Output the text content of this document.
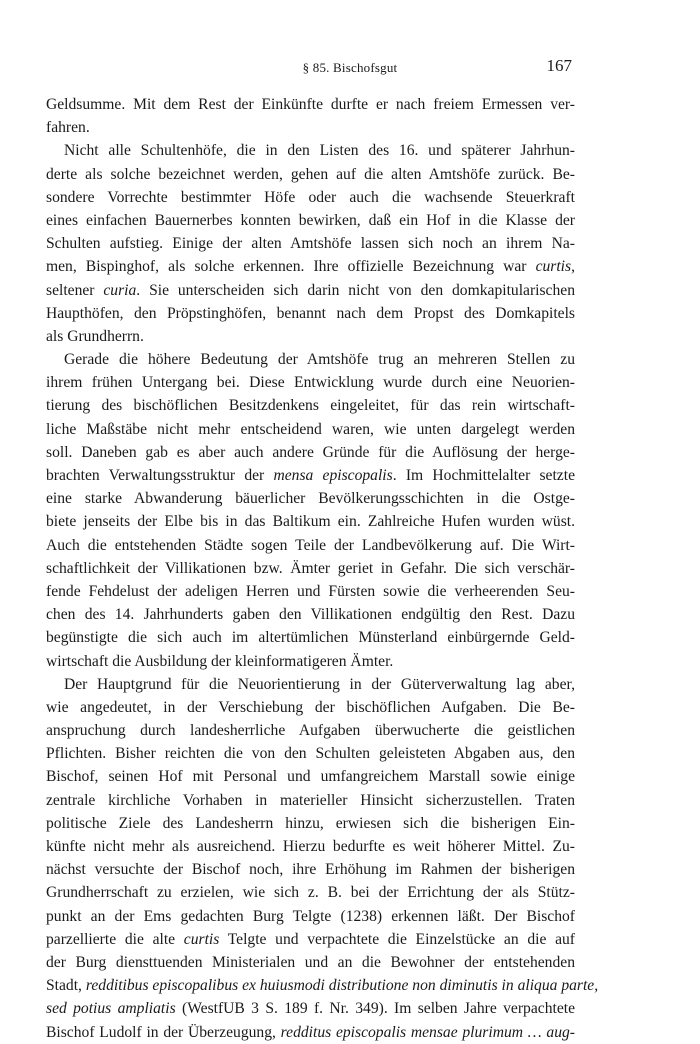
§ 85. Bischofsgut	167
Geldsumme. Mit dem Rest der Einkünfte durfte er nach freiem Ermessen ver-
fahren.
Nicht alle Schultenhöfe, die in den Listen des 16. und späterer Jahrhun-
derte als solche bezeichnet werden, gehen auf die alten Amtshöfe zurück. Be-
sondere Vorrechte bestimmter Höfe oder auch die wachsende Steuerkraft
eines einfachen Bauernerbes konnten bewirken, daß ein Hof in die Klasse der
Schulten aufstieg. Einige der alten Amtshöfe lassen sich noch an ihrem Na-
men, Bispinghof, als solche erkennen. Ihre offizielle Bezeichnung war curtis,
seltener curia. Sie unterscheiden sich darin nicht von den domkapitularischen
Haupthöfen, den Pröpstinghöfen, benannt nach dem Propst des Domkapitels
als Grundherrn.
Gerade die höhere Bedeutung der Amtshöfe trug an mehreren Stellen zu
ihrem frühen Untergang bei. Diese Entwicklung wurde durch eine Neuorien-
tierung des bischöflichen Besitzdenkens eingeleitet, für das rein wirtschaft-
liche Maßstäbe nicht mehr entscheidend waren, wie unten dargelegt werden
soll. Daneben gab es aber auch andere Gründe für die Auflösung der herge-
brachten Verwaltungsstruktur der mensa episcopalis. Im Hochmittelalter setzte
eine starke Abwanderung bäuerlicher Bevölkerungsschichten in die Ostge-
biete jenseits der Elbe bis in das Baltikum ein. Zahlreiche Hufen wurden wüst.
Auch die entstehenden Städte sogen Teile der Landbevölkerung auf. Die Wirt-
schaftlichkeit der Villikationen bzw. Ämter geriet in Gefahr. Die sich verschär-
fende Fehdelust der adeligen Herren und Fürsten sowie die verheerenden Seu-
chen des 14. Jahrhunderts gaben den Villikationen endgültig den Rest. Dazu
begünstigte die sich auch im altertümlichen Münsterland einbürgernde Geld-
wirtschaft die Ausbildung der kleinformatigeren Ämter.
Der Hauptgrund für die Neuorientierung in der Güterverwaltung lag aber,
wie angedeutet, in der Verschiebung der bischöflichen Aufgaben. Die Be-
anspruchung durch landesherrliche Aufgaben überwucherte die geistlichen
Pflichten. Bisher reichten die von den Schulten geleisteten Abgaben aus, den
Bischof, seinen Hof mit Personal und umfangreichem Marstall sowie einige
zentrale kirchliche Vorhaben in materieller Hinsicht sicherzustellen. Traten
politische Ziele des Landesherrn hinzu, erwiesen sich die bisherigen Ein-
künfte nicht mehr als ausreichend. Hierzu bedurfte es weit höherer Mittel. Zu-
nächst versuchte der Bischof noch, ihre Erhöhung im Rahmen der bisherigen
Grundherrschaft zu erzielen, wie sich z. B. bei der Errichtung der als Stütz-
punkt an der Ems gedachten Burg Telgte (1238) erkennen läßt. Der Bischof
parzellierte die alte curtis Telgte und verpachtete die Einzelstücke an die auf
der Burg diensttuenden Ministerialen und an die Bewohner der entstehenden
Stadt, redditibus episcopalibus ex huiusmodi distributione non diminutis in aliqua parte,
sed potius ampliatis (WestfUB 3 S. 189 f. Nr. 349). Im selben Jahre verpachtete
Bischof Ludolf in der Überzeugung, redditus episcopalis mensae plurimum … aug-
